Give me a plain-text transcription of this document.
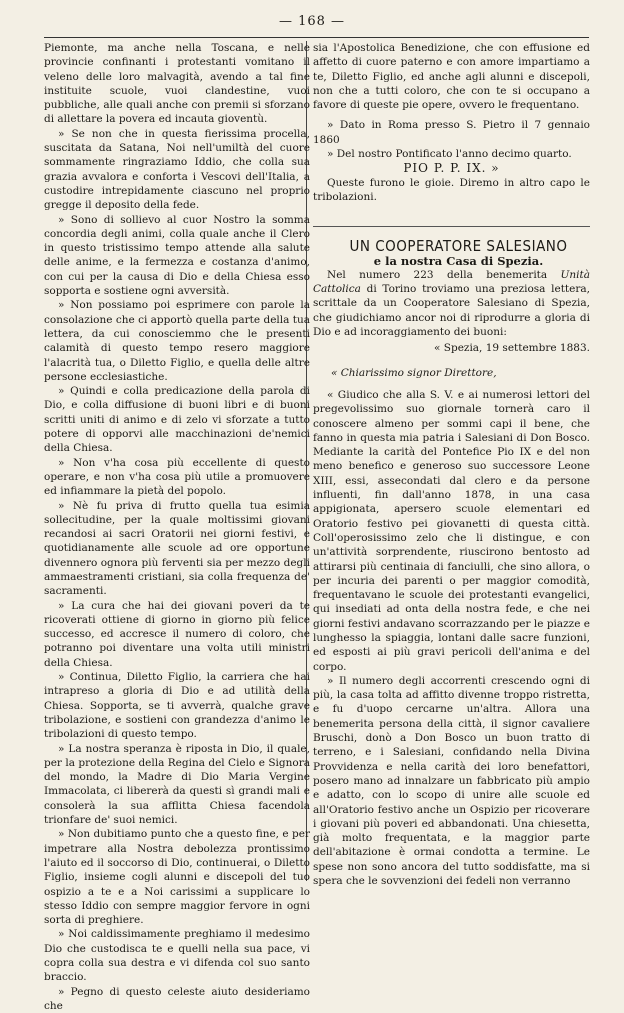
— 168 —

Piemonte, ma anche nella Toscana, e nelle provincie confinanti i protestanti vomitano il veleno delle loro malvagità, avendo a tal fine instituite scuole, vuoi clandestine, vuoi pubbliche, alle quali anche con premii si sforzano di allettare la povera ed incauta gioventù.

» Se non che in questa fierissima procella, suscitata da Satana, Noi nell'umiltà del cuore sommamente ringraziamo Iddio, che colla sua grazia avvalora e conforta i Vescovi dell'Italia, a custodire intrepidamente ciascuno nel proprio gregge il deposito della fede.

» Sono di sollievo al cuor Nostro la somma concordia degli animi, colla quale anche il Clero in questo tristissimo tempo attende alla salute delle anime, e la fermezza e costanza d'animo, con cui per la causa di Dio e della Chiesa esso sopporta e sostiene ogni avversità.

» Non possiamo poi esprimere con parole la consolazione che ci apportò quella parte della tua lettera, da cui conosciemmo che le presenti calamità di questo tempo resero maggiore l'alacrità tua, o Diletto Figlio, e quella delle altre persone ecclesiastiche.

» Quindi e colla predicazione della parola di Dio, e colla diffusione di buoni libri e di buoni scritti uniti di animo e di zelo vi sforzate a tutto potere di opporvi alle macchinazioni de'nemici della Chiesa.

» Non v'ha cosa più eccellente di questo operare, e non v'ha cosa più utile a promuovere ed infiammare la pietà del popolo.

» Nè fu priva di frutto quella tua esimia sollecitudine, per la quale moltissimi giovani recandosi ai sacri Oratorii nei giorni festivi, e quotidianamente alle scuole ad ore opportune divennero ognora più ferventi sia per mezzo degli ammaestramenti cristiani, sia colla frequenza de' sacramenti.

» La cura che hai dei giovani poveri da te ricoverati ottiene di giorno in giorno più felice successo, ed accresce il numero di coloro, che potranno poi diventare una volta utili ministri della Chiesa.

» Continua, Diletto Figlio, la carriera che hai intrapreso a gloria di Dio e ad utilità della Chiesa. Sopporta, se ti avverrà, qualche grave tribolazione, e sostieni con grandezza d'animo le tribolazioni di questo tempo.

» La nostra speranza è riposta in Dio, il quale, per la protezione della Regina del Cielo e Signora del mondo, la Madre di Dio Maria Vergine Immacolata, ci libererà da questi sì grandi mali e consolerà la sua afflitta Chiesa facendola trionfare de' suoi nemici.

» Non dubitiamo punto che a questo fine, e per impetrare alla Nostra debolezza prontissimo l'aiuto ed il soccorso di Dio, continuerai, o Diletto Figlio, insieme cogli alunni e discepoli del tuo ospizio a te e a Noi carissimi a supplicare lo stesso Iddio con sempre maggior fervore in ogni sorta di preghiere.

» Noi caldissimamente preghiamo il medesimo Dio che custodisca te e quelli nella sua pace, vi copra colla sua destra e vi difenda col suo santo braccio.

» Pegno di questo celeste aiuto desideriamo che

sia l'Apostolica Benedizione, che con effusione ed affetto di cuore paterno e con amore impartiamo a te, Diletto Figlio, ed anche agli alunni e discepoli, non che a tutti coloro, che con te si occupano a favore di queste pie opere, ovvero le frequentano.

» Dato in Roma presso S. Pietro il 7 gennaio 1860

» Del nostro Pontificato l'anno decimo quarto.

PIO P. P. IX. »

Queste furono le gioie. Diremo in altro capo le tribolazioni.

UN COOPERATORE SALESIANO

e la nostra Casa di Spezia.

Nel numero 223 della benemerita Unità Cattolica di Torino troviamo una preziosa lettera, scrittale da un Cooperatore Salesiano di Spezia, che giudichiamo ancor noi di riprodurre a gloria di Dio e ad incoraggiamento dei buoni:

« Spezia, 19 settembre 1883.

« Chiarissimo signor Direttore,

« Giudico che alla S. V. e ai numerosi lettori del pregevolissimo suo giornale tornerà caro il conoscere almeno per sommi capi il bene, che fanno in questa mia patria i Salesiani di Don Bosco. Mediante la carità del Pontefice Pio IX e del non meno benefico e generoso suo successore Leone XIII, essi, assecondati dal clero e da persone influenti, fin dall'anno 1878, in una casa appigionata, apersero scuole elementari ed Oratorio festivo pei giovanetti di questa città. Coll'operosissimo zelo che li distingue, e con un'attività sorprendente, riuscirono bentosto ad attirarsi più centinaia di fanciulli, che sino allora, o per incuria dei parenti o per maggior comodità, frequentavano le scuole dei protestanti evangelici, qui insediati ad onta della nostra fede, e che nei giorni festivi andavano scorrazzando per le piazze e lunghesso la spiaggia, lontani dalle sacre funzioni, ed esposti ai più gravi pericoli dell'anima e del corpo.

» Il numero degli accorrenti crescendo ogni di più, la casa tolta ad affitto divenne troppo ristretta, e fu d'uopo cercarne un'altra. Allora una benemerita persona della città, il signor cavaliere Bruschi, donò a Don Bosco un buon tratto di terreno, e i Salesiani, confidando nella Divina Provvidenza e nella carità dei loro benefattori, posero mano ad innalzare un fabbricato più ampio e adatto, con lo scopo di unire alle scuole ed all'Oratorio festivo anche un Ospizio per ricoverare i giovani più poveri ed abbandonati. Una chiesetta, già molto frequentata, e la maggior parte dell'abitazione è ormai condotta a termine. Le spese non sono ancora del tutto soddisfatte, ma si spera che le sovvenzioni dei fedeli non verranno
